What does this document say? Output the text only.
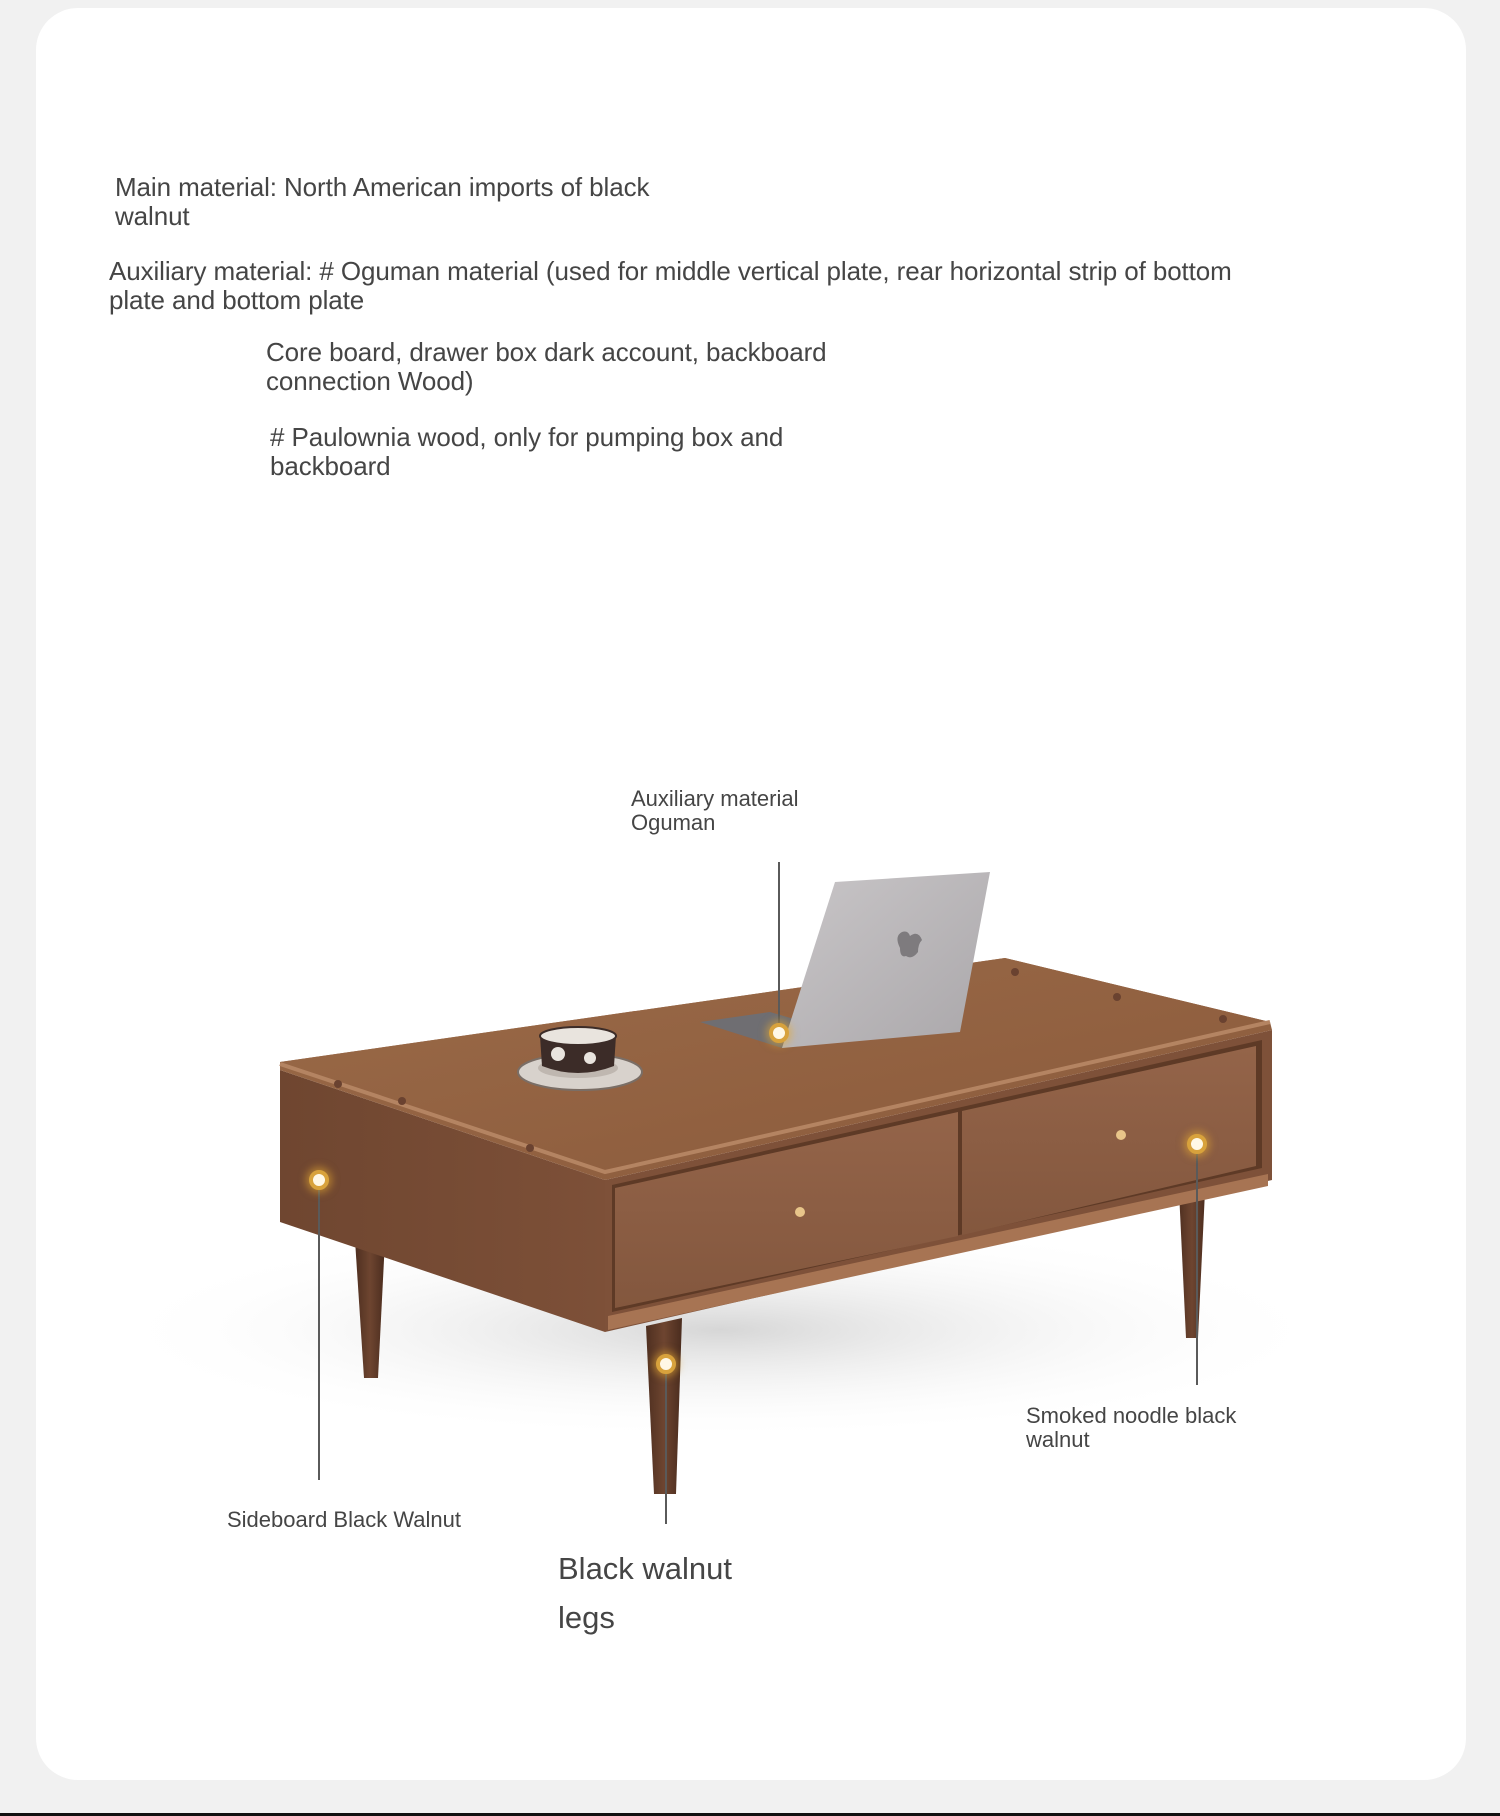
Main material: North American imports of black
walnut
Auxiliary material: # Oguman material (used for middle vertical plate, rear horizontal strip of bottom
plate and bottom plate
Core board, drawer box dark account, backboard
connection Wood)
# Paulownia wood, only for pumping box and
backboard
Auxiliary material
Oguman
Sideboard Black Walnut
Black walnut
legs
Smoked noodle black
walnut
